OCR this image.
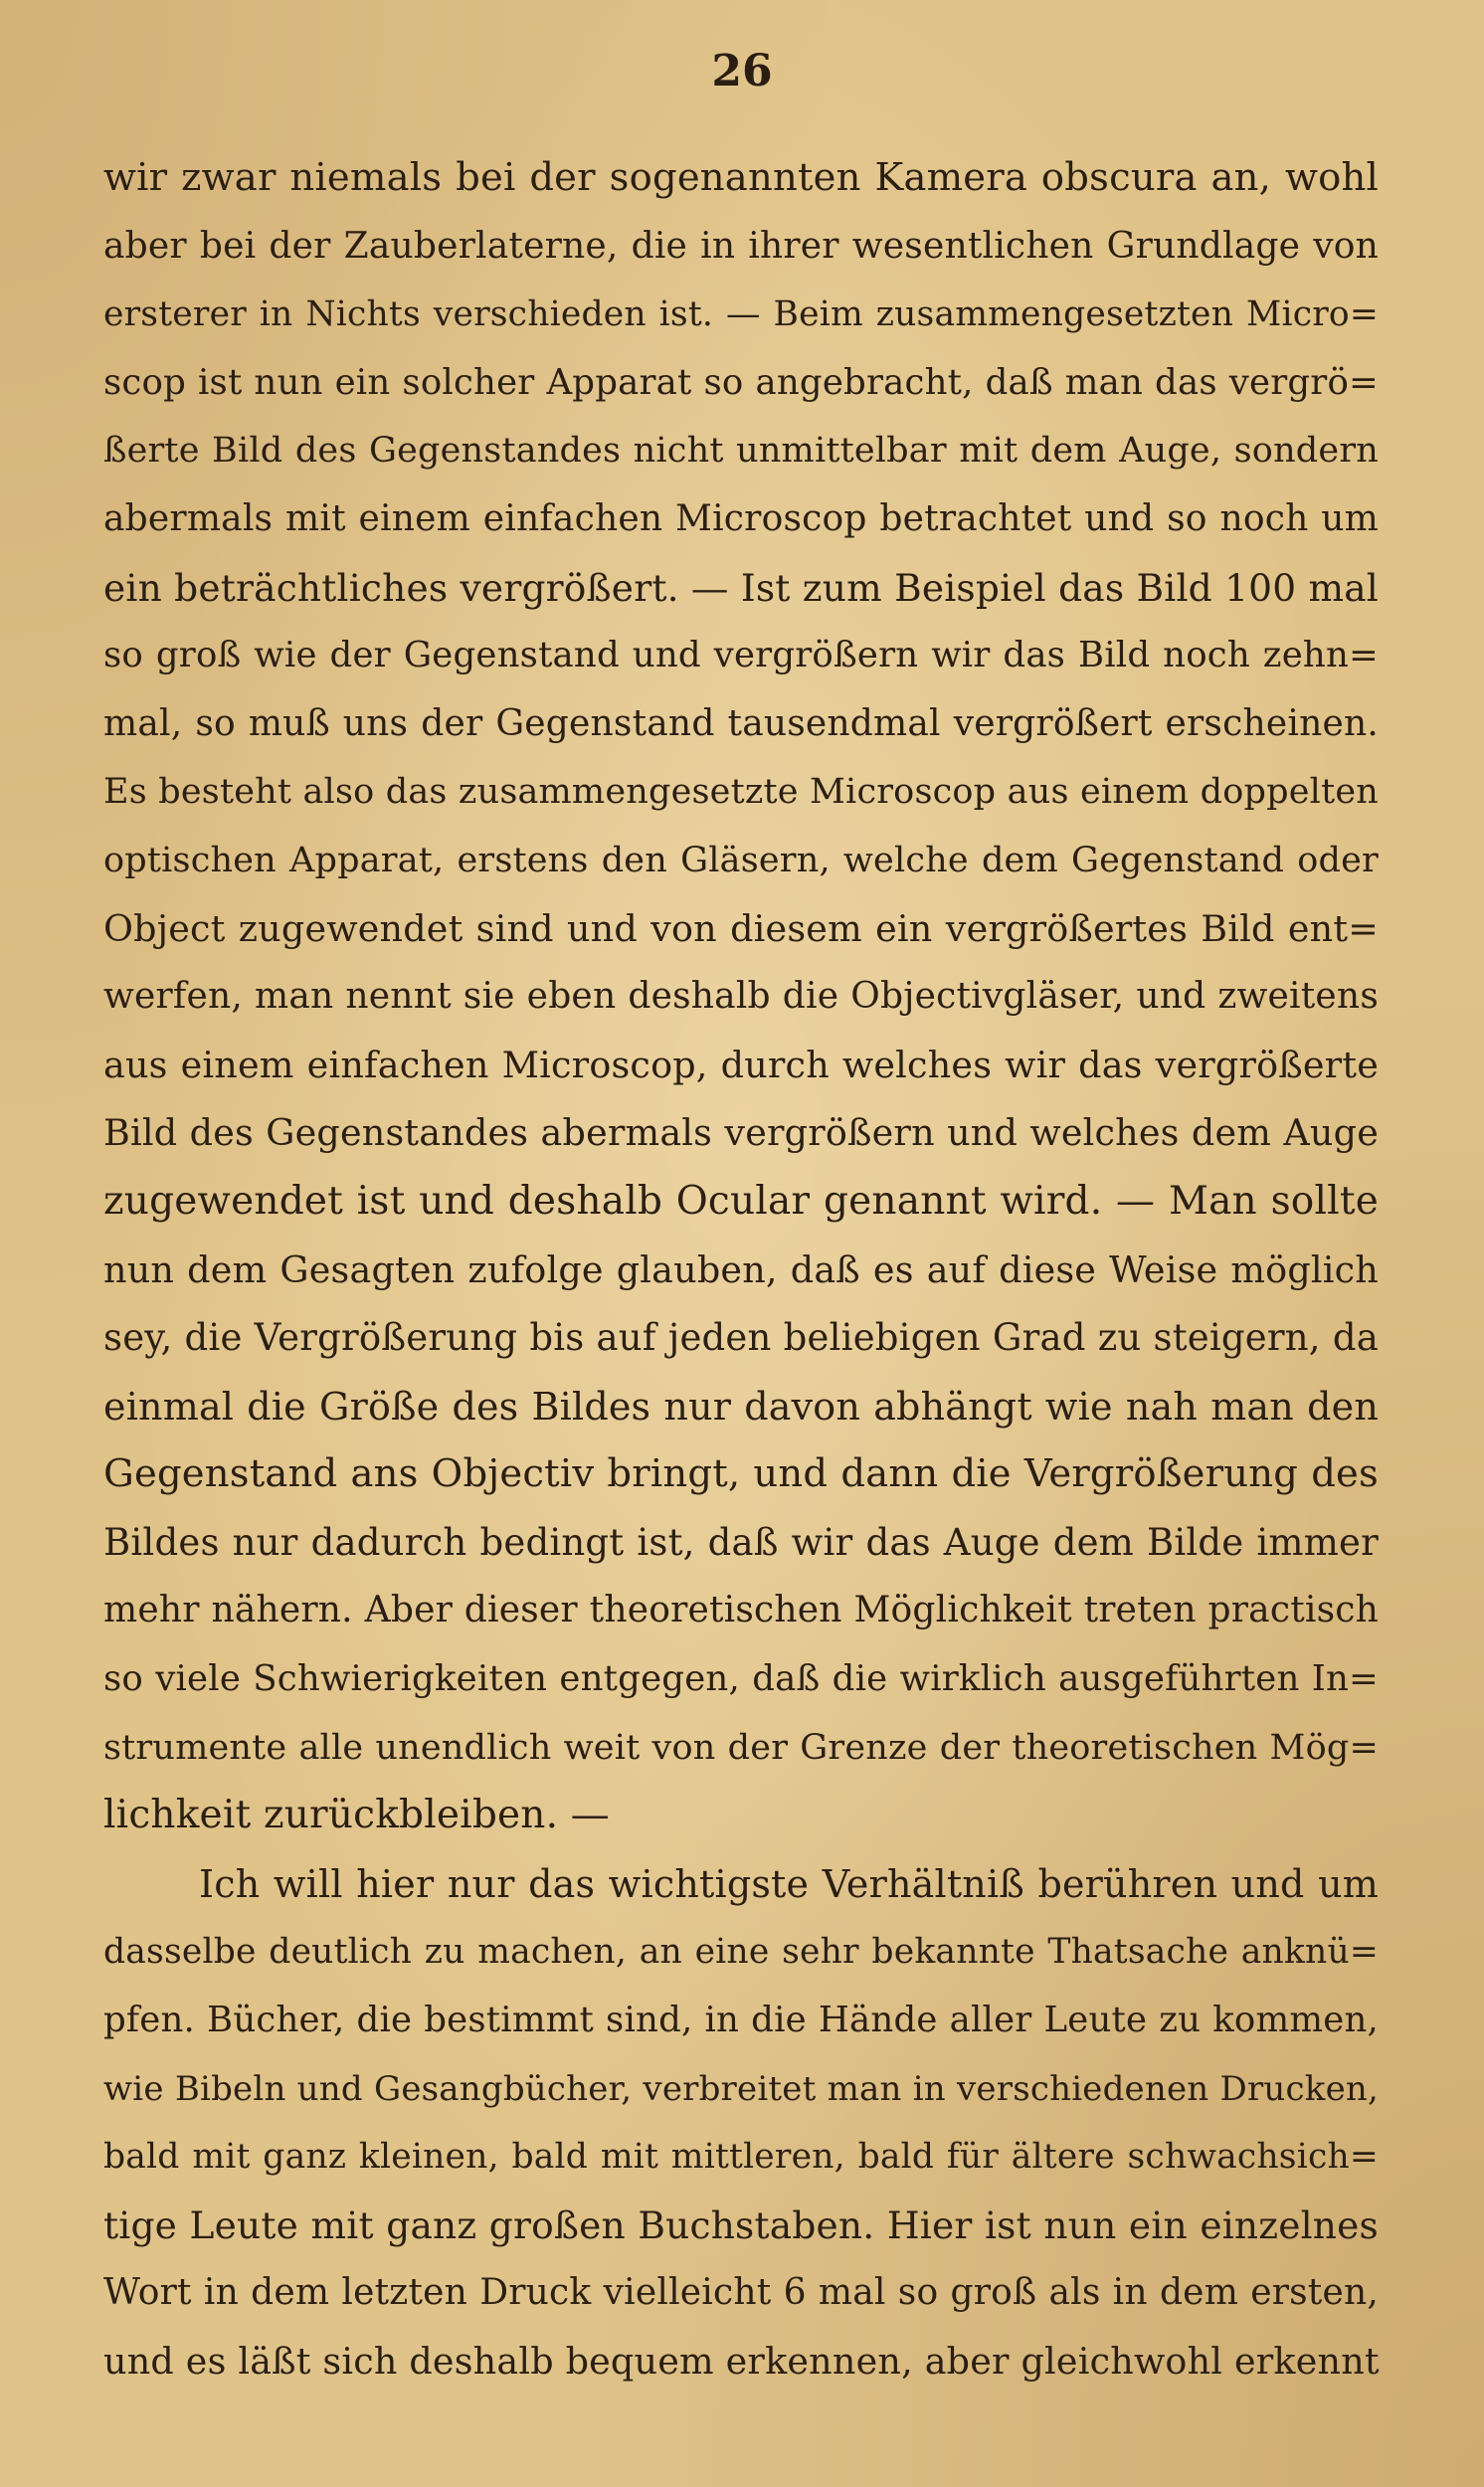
26
wir zwar niemals bei der sogenannten Kamera obscura an, wohl
aber bei der Zauberlaterne, die in ihrer wesentlichen Grundlage von
ersterer in Nichts verschieden ist. — Beim zusammengesetzten Micro=
scop ist nun ein solcher Apparat so angebracht, daß man das vergrö=
ßerte Bild des Gegenstandes nicht unmittelbar mit dem Auge, sondern
abermals mit einem einfachen Microscop betrachtet und so noch um
ein beträchtliches vergrößert. — Ist zum Beispiel das Bild 100 mal
so groß wie der Gegenstand und vergrößern wir das Bild noch zehn=
mal, so muß uns der Gegenstand tausendmal vergrößert erscheinen.
Es besteht also das zusammengesetzte Microscop aus einem doppelten
optischen Apparat, erstens den Gläsern, welche dem Gegenstand oder
Object zugewendet sind und von diesem ein vergrößertes Bild ent=
werfen, man nennt sie eben deshalb die Objectivgläser, und zweitens
aus einem einfachen Microscop, durch welches wir das vergrößerte
Bild des Gegenstandes abermals vergrößern und welches dem Auge
zugewendet ist und deshalb Ocular genannt wird. — Man sollte
nun dem Gesagten zufolge glauben, daß es auf diese Weise möglich
sey, die Vergrößerung bis auf jeden beliebigen Grad zu steigern, da
einmal die Größe des Bildes nur davon abhängt wie nah man den
Gegenstand ans Objectiv bringt, und dann die Vergrößerung des
Bildes nur dadurch bedingt ist, daß wir das Auge dem Bilde immer
mehr nähern. Aber dieser theoretischen Möglichkeit treten practisch
so viele Schwierigkeiten entgegen, daß die wirklich ausgeführten In=
strumente alle unendlich weit von der Grenze der theoretischen Mög=
lichkeit zurückbleiben. —
Ich will hier nur das wichtigste Verhältniß berühren und um
dasselbe deutlich zu machen, an eine sehr bekannte Thatsache anknü=
pfen. Bücher, die bestimmt sind, in die Hände aller Leute zu kommen,
wie Bibeln und Gesangbücher, verbreitet man in verschiedenen Drucken,
bald mit ganz kleinen, bald mit mittleren, bald für ältere schwachsich=
tige Leute mit ganz großen Buchstaben. Hier ist nun ein einzelnes
Wort in dem letzten Druck vielleicht 6 mal so groß als in dem ersten,
und es läßt sich deshalb bequem erkennen, aber gleichwohl erkennt
